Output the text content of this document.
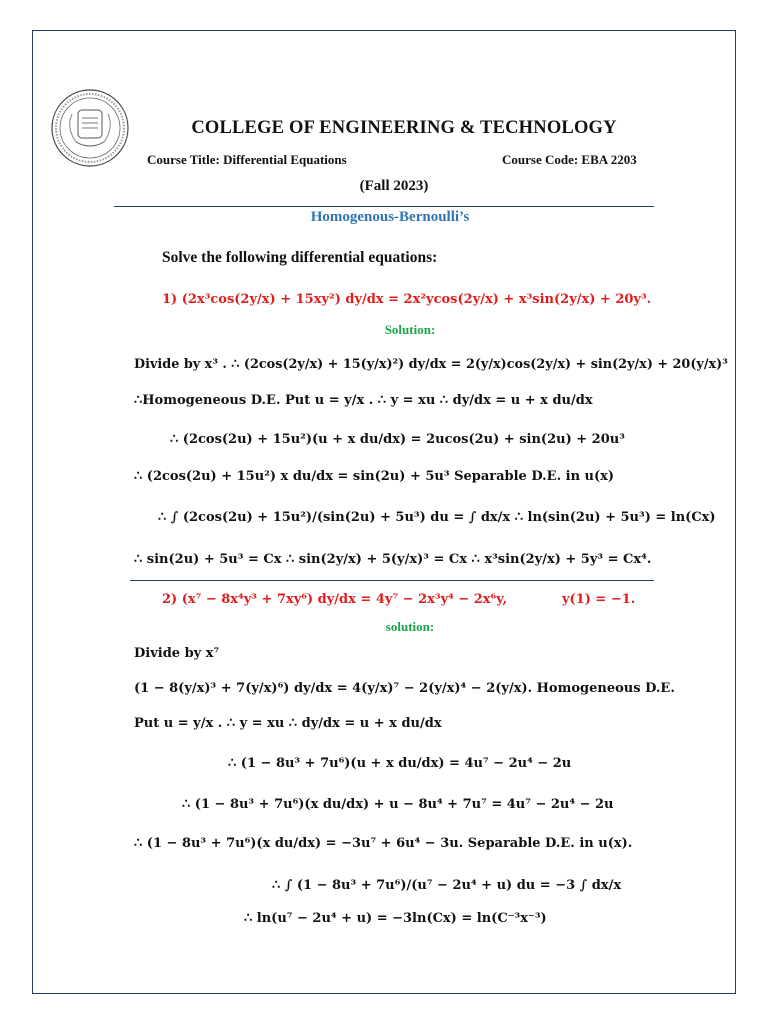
COLLEGE OF ENGINEERING & TECHNOLOGY
Course Title: Differential Equations	Course Code: EBA 2203
(Fall 2023)
Homogenous-Bernoulli’s
Solve the following differential equations:
1) (2x³cos(2y/x) + 15xy²) dy/dx = 2x²ycos(2y/x) + x³sin(2y/x) + 20y³.
Solution:
Divide by x³ . ∴ (2cos(2y/x) + 15(y/x)²) dy/dx = 2(y/x)cos(2y/x) + sin(2y/x) + 20(y/x)³
∴Homogeneous D.E. Put u = y/x . ∴ y = xu ∴ dy/dx = u + x du/dx
∴ (2cos(2u) + 15u²)(u + x du/dx) = 2ucos(2u) + sin(2u) + 20u³
∴ (2cos(2u) + 15u²) x du/dx = sin(2u) + 5u³ Separable D.E. in u(x)
∴ ∫ (2cos(2u) + 15u²)/(sin(2u) + 5u³) du = ∫ dx/x ∴ ln(sin(2u) + 5u³) = ln(Cx)
∴ sin(2u) + 5u³ = Cx ∴ sin(2y/x) + 5(y/x)³ = Cx ∴ x³sin(2y/x) + 5y³ = Cx⁴.
2) (x⁷ − 8x⁴y³ + 7xy⁶) dy/dx = 4y⁷ − 2x³y⁴ − 2x⁶y,	y(1) = −1.
solution:
Divide by x⁷
(1 − 8(y/x)³ + 7(y/x)⁶) dy/dx = 4(y/x)⁷ − 2(y/x)⁴ − 2(y/x). Homogeneous D.E.
Put u = y/x . ∴ y = xu ∴ dy/dx = u + x du/dx
∴ (1 − 8u³ + 7u⁶)(u + x du/dx) = 4u⁷ − 2u⁴ − 2u
∴ (1 − 8u³ + 7u⁶)(x du/dx) + u − 8u⁴ + 7u⁷ = 4u⁷ − 2u⁴ − 2u
∴ (1 − 8u³ + 7u⁶)(x du/dx) = −3u⁷ + 6u⁴ − 3u. Separable D.E. in u(x).
∴ ∫ (1 − 8u³ + 7u⁶)/(u⁷ − 2u⁴ + u) du = −3 ∫ dx/x
∴ ln(u⁷ − 2u⁴ + u) = −3ln(Cx) = ln(C⁻³x⁻³)
